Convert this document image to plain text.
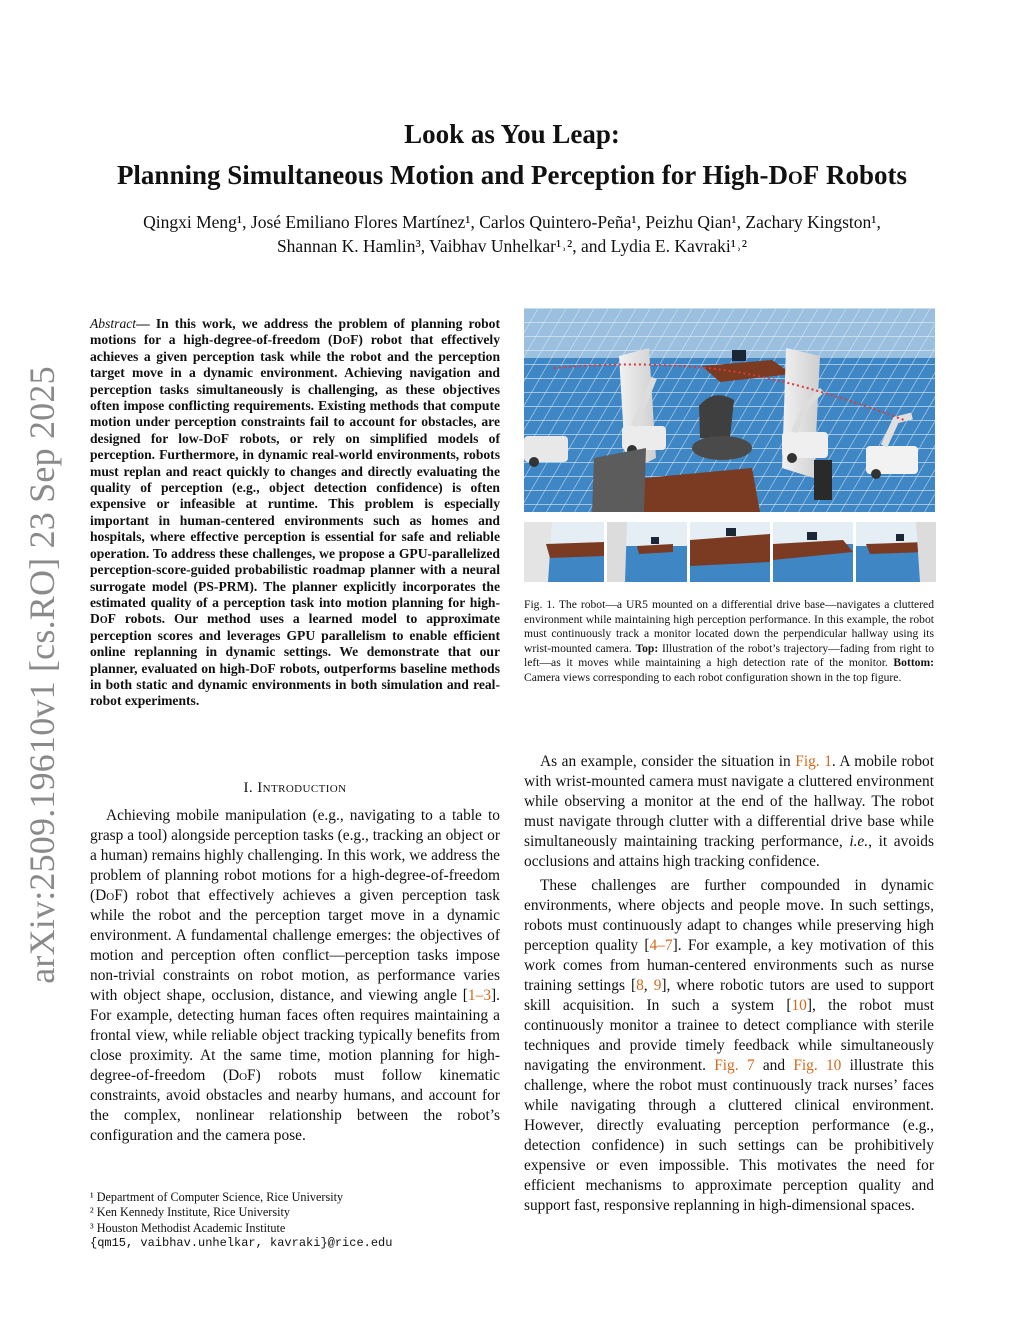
arXiv:2509.19610v1 [cs.RO] 23 Sep 2025
Look as You Leap:
Planning Simultaneous Motion and Perception for High-DoF Robots
Qingxi Meng¹, José Emiliano Flores Martínez¹, Carlos Quintero-Peña¹, Peizhu Qian¹, Zachary Kingston¹,
Shannan K. Hamlin³, Vaibhav Unhelkar¹˒², and Lydia E. Kavraki¹˒²
Abstract— In this work, we address the problem of planning robot motions for a high-degree-of-freedom (DoF) robot that effectively achieves a given perception task while the robot and the perception target move in a dynamic environment. Achieving navigation and perception tasks simultaneously is challenging, as these objectives often impose conflicting requirements. Existing methods that compute motion under perception constraints fail to account for obstacles, are designed for low-DoF robots, or rely on simplified models of perception. Furthermore, in dynamic real-world environments, robots must replan and react quickly to changes and directly evaluating the quality of perception (e.g., object detection confidence) is often expensive or infeasible at runtime. This problem is especially important in human-centered environments such as homes and hospitals, where effective perception is essential for safe and reliable operation. To address these challenges, we propose a GPU-parallelized perception-score-guided probabilistic roadmap planner with a neural surrogate model (PS-PRM). The planner explicitly incorporates the estimated quality of a perception task into motion planning for high-DoF robots. Our method uses a learned model to approximate perception scores and leverages GPU parallelism to enable efficient online replanning in dynamic settings. We demonstrate that our planner, evaluated on high-DoF robots, outperforms baseline methods in both static and dynamic environments in both simulation and real-robot experiments.
I. Introduction

Achieving mobile manipulation (e.g., navigating to a table to grasp a tool) alongside perception tasks (e.g., tracking an object or a human) remains highly challenging. In this work, we address the problem of planning robot motions for a high-degree-of-freedom (DoF) robot that effectively achieves a given perception task while the robot and the perception target move in a dynamic environment. A fundamental challenge emerges: the objectives of motion and perception often conflict—perception tasks impose non-trivial constraints on robot motion, as performance varies with object shape, occlusion, distance, and viewing angle [1–3]. For example, detecting human faces often requires maintaining a frontal view, while reliable object tracking typically benefits from close proximity. At the same time, motion planning for high-degree-of-freedom (DoF) robots must follow kinematic constraints, avoid obstacles and nearby humans, and account for the complex, nonlinear relationship between the robot’s configuration and the camera pose.

¹ Department of Computer Science, Rice University
² Ken Kennedy Institute, Rice University
³ Houston Methodist Academic Institute
{qm15, vaibhav.unhelkar, kavraki}@rice.edu
Fig. 1. The robot—a UR5 mounted on a differential drive base—navigates a cluttered environment while maintaining high perception performance. In this example, the robot must continuously track a monitor located down the perpendicular hallway using its wrist-mounted camera. Top: Illustration of the robot’s trajectory—fading from right to left—as it moves while maintaining a high detection rate of the monitor. Bottom: Camera views corresponding to each robot configuration shown in the top figure.

As an example, consider the situation in Fig. 1. A mobile robot with wrist-mounted camera must navigate a cluttered environment while observing a monitor at the end of the hallway. The robot must navigate through clutter with a differential drive base while simultaneously maintaining tracking performance, i.e., it avoids occlusions and attains high tracking confidence.

These challenges are further compounded in dynamic environments, where objects and people move. In such settings, robots must continuously adapt to changes while preserving high perception quality [4–7]. For example, a key motivation of this work comes from human-centered environments such as nurse training settings [8, 9], where robotic tutors are used to support skill acquisition. In such a system [10], the robot must continuously monitor a trainee to detect compliance with sterile techniques and provide timely feedback while simultaneously navigating the environment. Fig. 7 and Fig. 10 illustrate this challenge, where the robot must continuously track nurses’ faces while navigating through a cluttered clinical environment. However, directly evaluating perception performance (e.g., detection confidence) in such settings can be prohibitively expensive or even impossible. This motivates the need for efficient mechanisms to approximate perception quality and support fast, responsive replanning in high-dimensional spaces.
